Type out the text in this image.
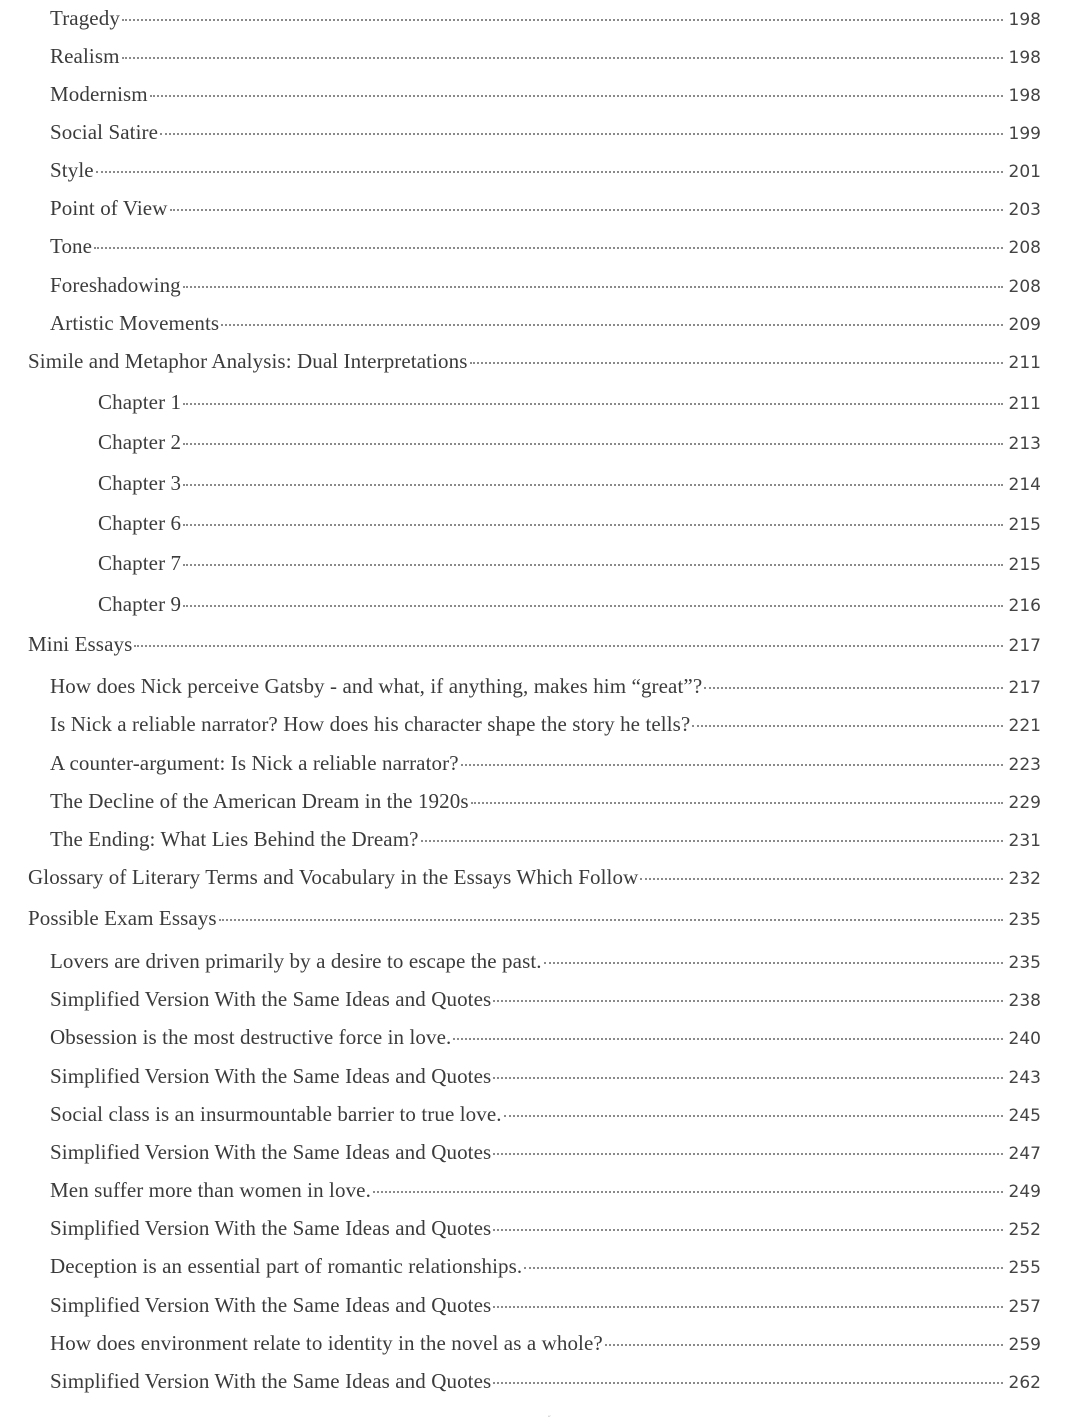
Tragedy	198
Realism	198
Modernism	198
Social Satire	199
Style	201
Point of View	203
Tone	208
Foreshadowing	208
Artistic Movements	209
Simile and Metaphor Analysis: Dual Interpretations	211
Chapter 1	211
Chapter 2	213
Chapter 3	214
Chapter 6	215
Chapter 7	215
Chapter 9	216
Mini Essays	217
How does Nick perceive Gatsby - and what, if anything, makes him “great”?	217
Is Nick a reliable narrator? How does his character shape the story he tells?	221
A counter-argument: Is Nick a reliable narrator?	223
The Decline of the American Dream in the 1920s	229
The Ending: What Lies Behind the Dream?	231
Glossary of Literary Terms and Vocabulary in the Essays Which Follow	232
Possible Exam Essays	235
Lovers are driven primarily by a desire to escape the past.	235
Simplified Version With the Same Ideas and Quotes	238
Obsession is the most destructive force in love.	240
Simplified Version With the Same Ideas and Quotes	243
Social class is an insurmountable barrier to true love.	245
Simplified Version With the Same Ideas and Quotes	247
Men suffer more than women in love.	249
Simplified Version With the Same Ideas and Quotes	252
Deception is an essential part of romantic relationships.	255
Simplified Version With the Same Ideas and Quotes	257
How does environment relate to identity in the novel as a whole?	259
Simplified Version With the Same Ideas and Quotes	262
˝
